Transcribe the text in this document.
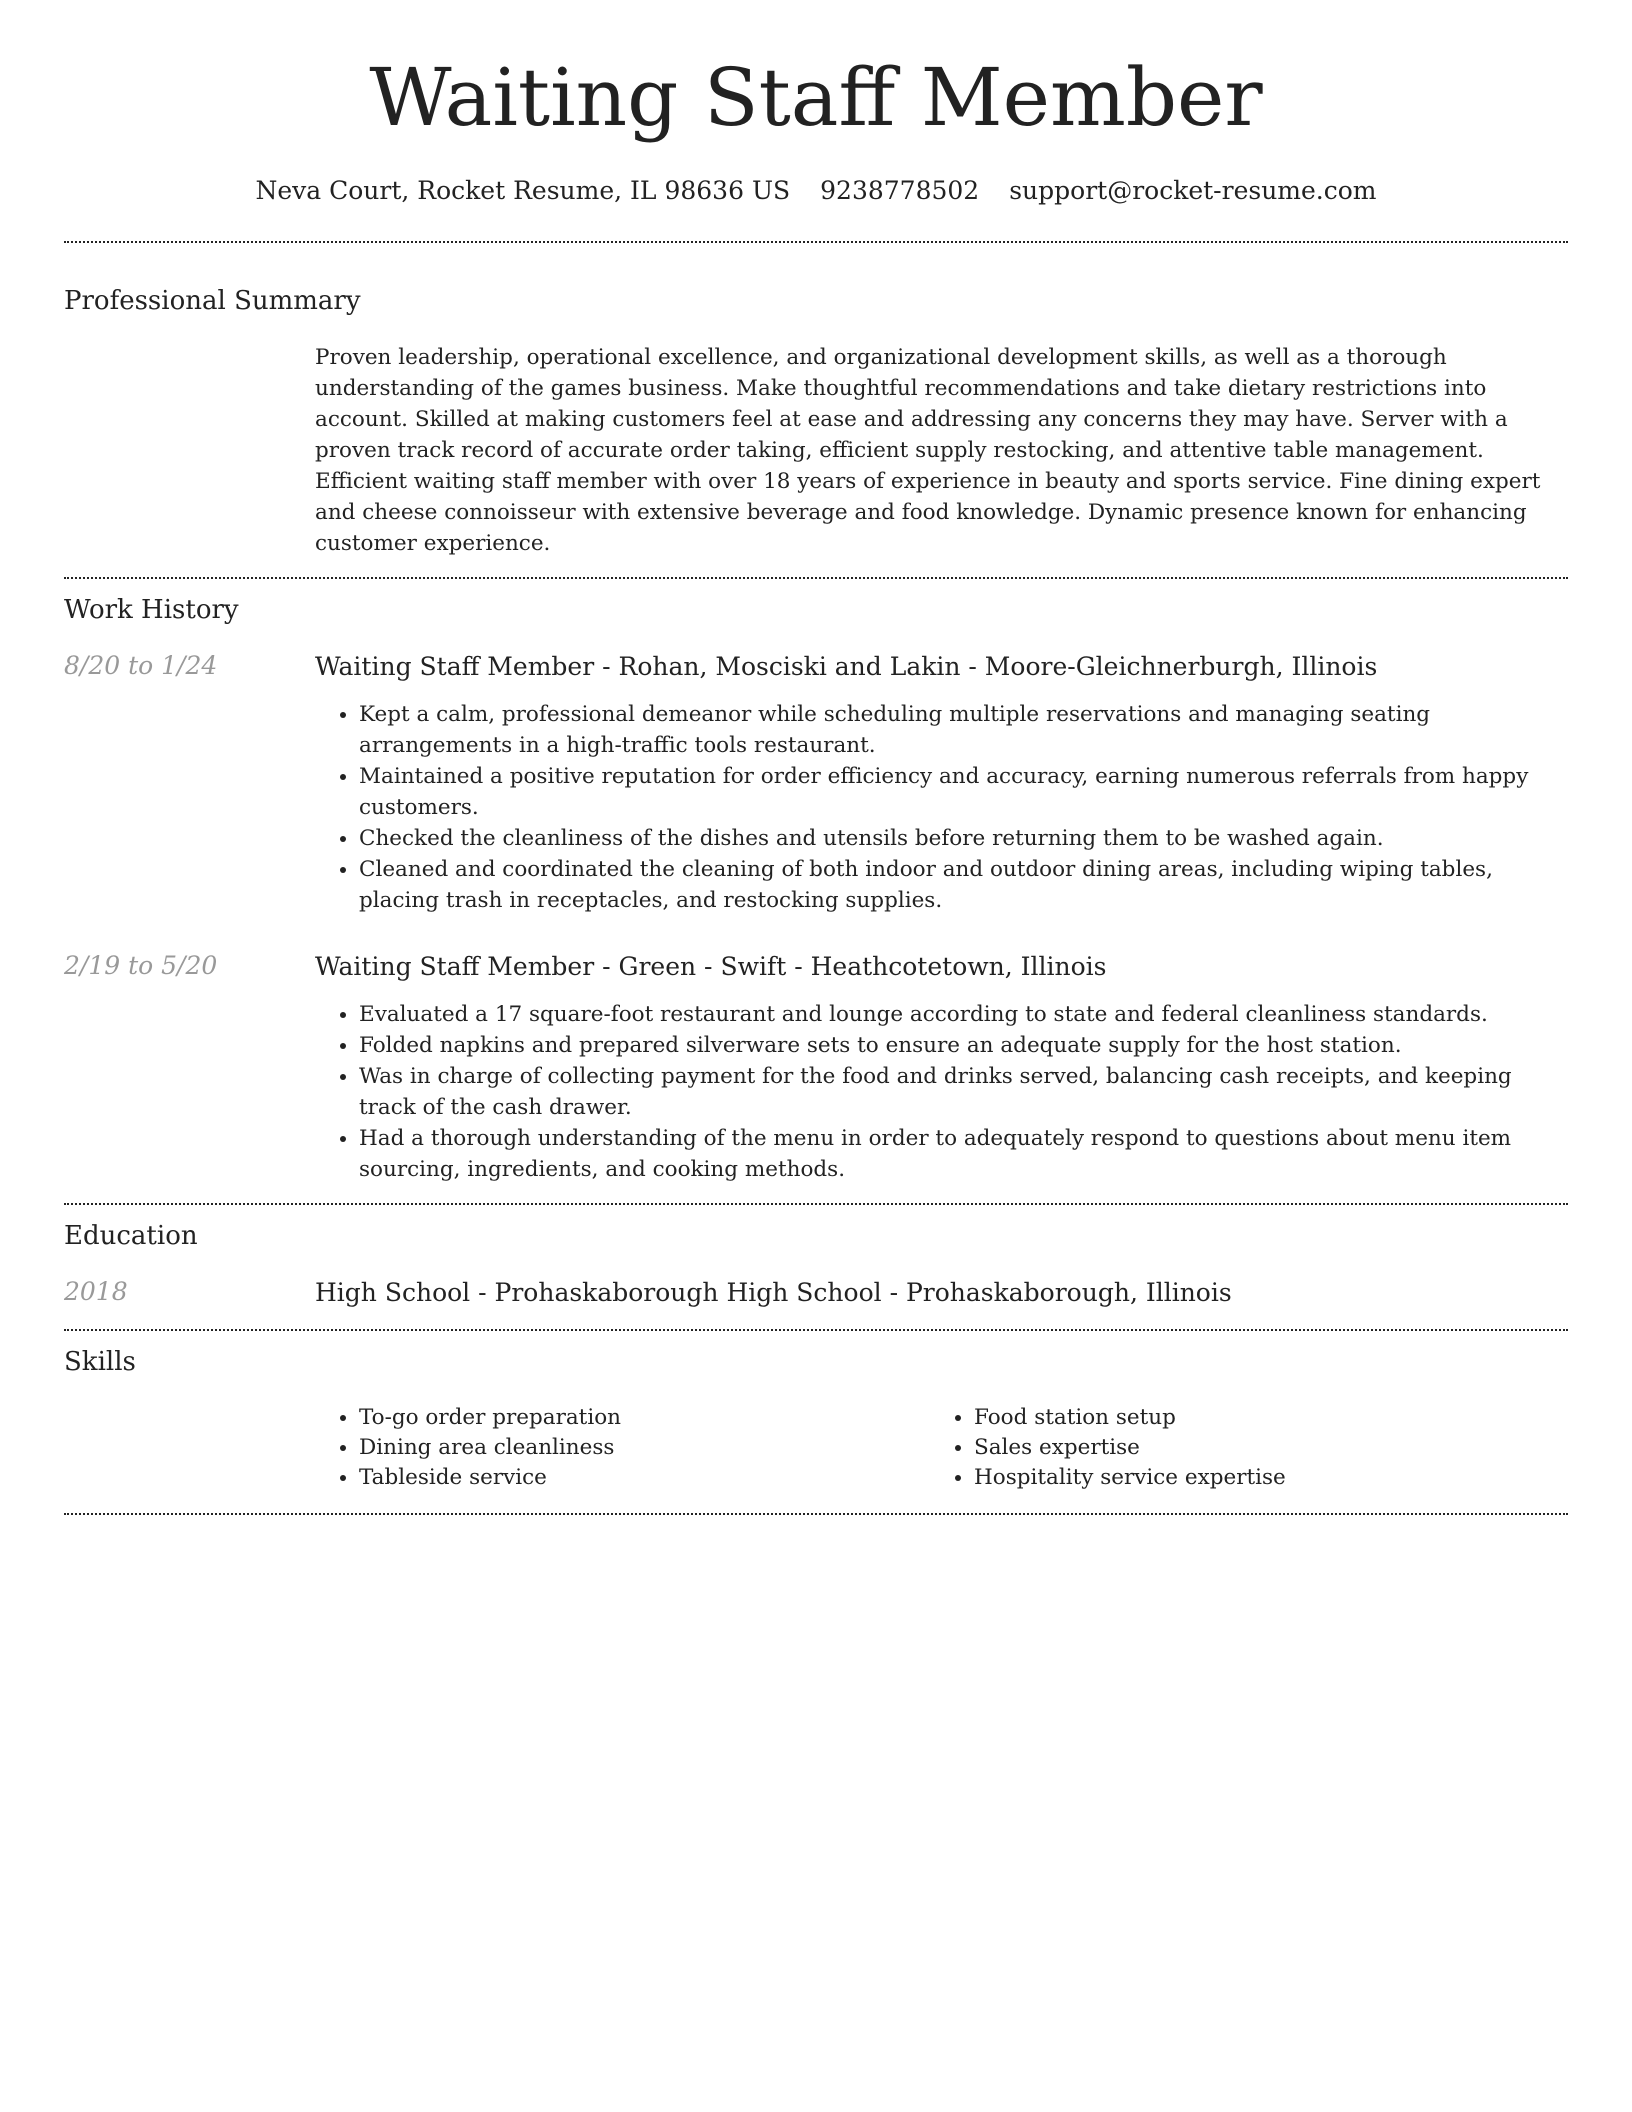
Waiting Staff Member
Neva Court, Rocket Resume, IL 98636 US 9238778502 support@rocket-resume.com
Professional Summary

Proven leadership, operational excellence, and organizational development skills, as well as a thorough understanding of the games business. Make thoughtful recommendations and take dietary restrictions into account. Skilled at making customers feel at ease and addressing any concerns they may have. Server with a proven track record of accurate order taking, efficient supply restocking, and attentive table management. Efficient waiting staff member with over 18 years of experience in beauty and sports service. Fine dining expert and cheese connoisseur with extensive beverage and food knowledge. Dynamic presence known for enhancing customer experience.

Work History
8/20 to 1/24	Waiting Staff Member - Rohan, Mosciski and Lakin - Moore-Gleichnerburgh, Illinois
• Kept a calm, professional demeanor while scheduling multiple reservations and managing seating arrangements in a high-traffic tools restaurant.
• Maintained a positive reputation for order efficiency and accuracy, earning numerous referrals from happy customers.
• Checked the cleanliness of the dishes and utensils before returning them to be washed again.
• Cleaned and coordinated the cleaning of both indoor and outdoor dining areas, including wiping tables, placing trash in receptacles, and restocking supplies.
2/19 to 5/20	Waiting Staff Member - Green - Swift - Heathcotetown, Illinois
• Evaluated a 17 square-foot restaurant and lounge according to state and federal cleanliness standards.
• Folded napkins and prepared silverware sets to ensure an adequate supply for the host station.
• Was in charge of collecting payment for the food and drinks served, balancing cash receipts, and keeping track of the cash drawer.
• Had a thorough understanding of the menu in order to adequately respond to questions about menu item sourcing, ingredients, and cooking methods.
Education
2018	High School - Prohaskaborough High School - Prohaskaborough, Illinois
Skills
• To-go order preparation
• Dining area cleanliness
• Tableside service
• Food station setup
• Sales expertise
• Hospitality service expertise
